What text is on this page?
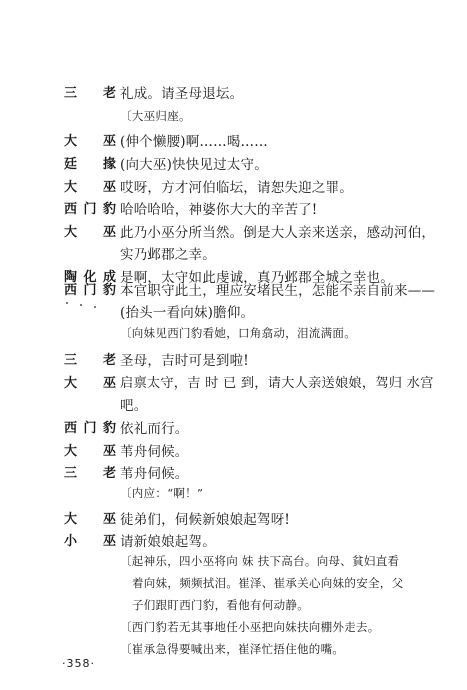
三 老 礼成。请圣母退坛。
〔大巫归座。
大 巫 (伸个懒腰)啊……喝……
廷 掾 (向大巫)快快见过太守。
大 巫 哎呀，方才河伯临坛，请恕失迎之罪。
西门豹 哈哈哈哈，神婆你大大的辛苦了!
大 巫 此乃小巫分所当然。倒是大人亲来送亲，感动河伯，
实乃邺郡之幸。
陶化成 是啊，太守如此虔诚，真乃邺郡全城之幸也。
西门豹 本官职守此土，理应安堵民生，怎能不亲自前来——
(抬头一看向妹)膽仰。
〔向妹见西门豹看她，口角翕动，泪流满面。
三 老 圣母，吉时可是到啦!
大 巫 启禀太守，吉 时 已 到，请大人亲送娘娘，驾归 水宫
吧。
西门豹 依礼而行。
大 巫 苇舟伺候。
三 老 苇舟伺候。
〔内应：“啊！”
大 巫 徒弟们，伺候新娘娘起驾呀!
小 巫 请新娘娘起驾。
〔起神乐，四小巫将向 妹 扶下高台。向母、貧妇直看
着向妹，频频拭泪。崔泽、崔承关心向妹的安全，父
子们跟盯西门豹，看他有何动静。
〔西门豹若无其事地任小巫把向妹扶向棚外走去。
〔崔承急得要喊出来，崔泽忙捂住他的嘴。
·358·
